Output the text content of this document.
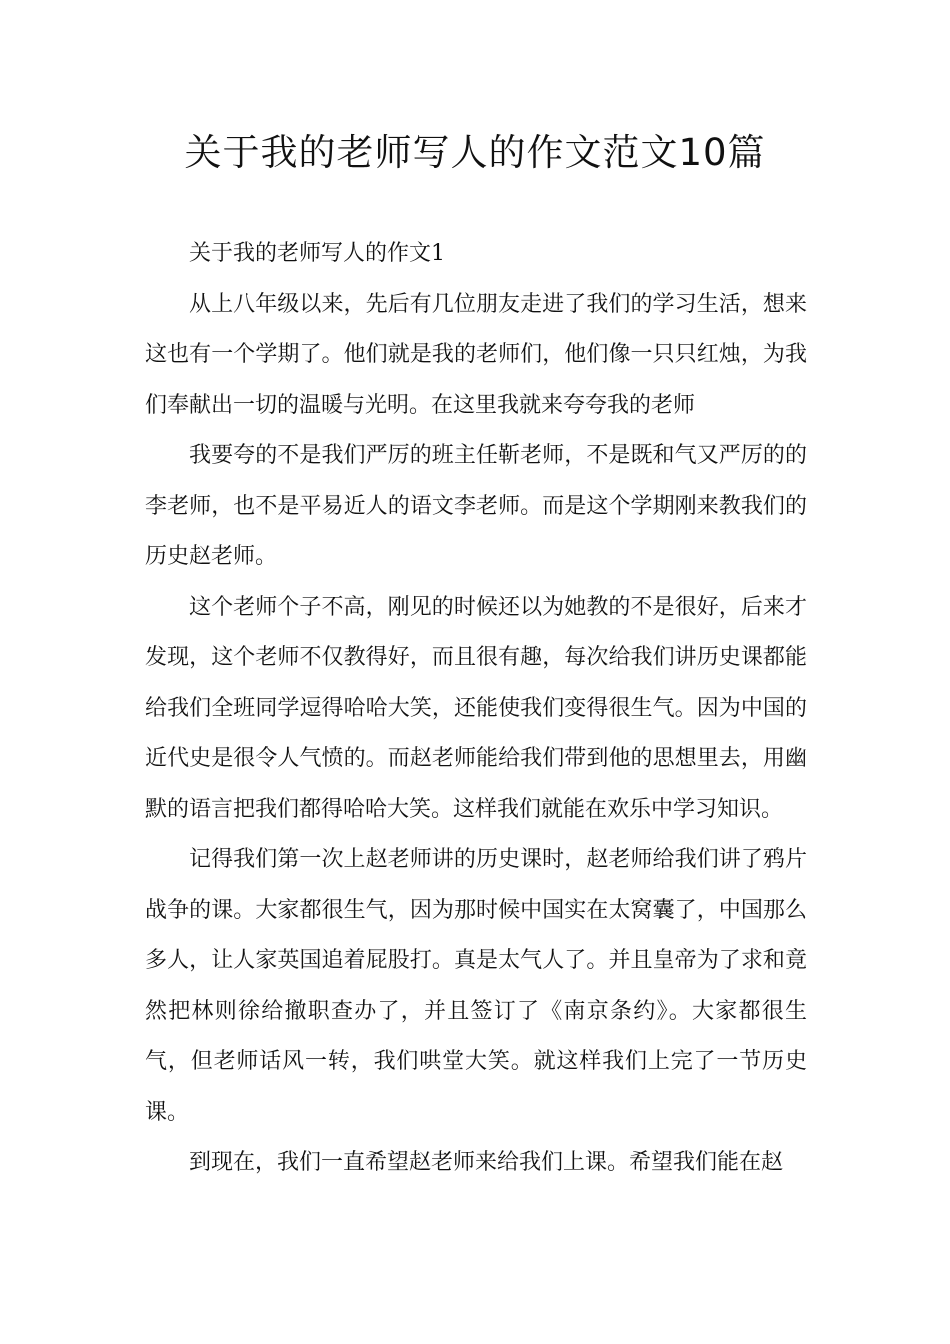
关于我的老师写人的作文范文10篇

关于我的老师写人的作文1

从上八年级以来，先后有几位朋友走进了我们的学习生活，想来这也有一个学期了。他们就是我的老师们，他们像一只只红烛，为我们奉献出一切的温暖与光明。在这里我就来夸夸我的老师

我要夸的不是我们严厉的班主任靳老师，不是既和气又严厉的的李老师，也不是平易近人的语文李老师。而是这个学期刚来教我们的历史赵老师。

这个老师个子不高，刚见的时候还以为她教的不是很好，后来才发现，这个老师不仅教得好，而且很有趣，每次给我们讲历史课都能给我们全班同学逗得哈哈大笑，还能使我们变得很生气。因为中国的近代史是很令人气愤的。而赵老师能给我们带到他的思想里去，用幽默的语言把我们都得哈哈大笑。这样我们就能在欢乐中学习知识。

记得我们第一次上赵老师讲的历史课时，赵老师给我们讲了鸦片战争的课。大家都很生气，因为那时候中国实在太窝囊了，中国那么多人，让人家英国追着屁股打。真是太气人了。并且皇帝为了求和竟然把林则徐给撤职查办了，并且签订了《南京条约》。大家都很生气，但老师话风一转，我们哄堂大笑。就这样我们上完了一节历史课。

到现在，我们一直希望赵老师来给我们上课。希望我们能在赵
